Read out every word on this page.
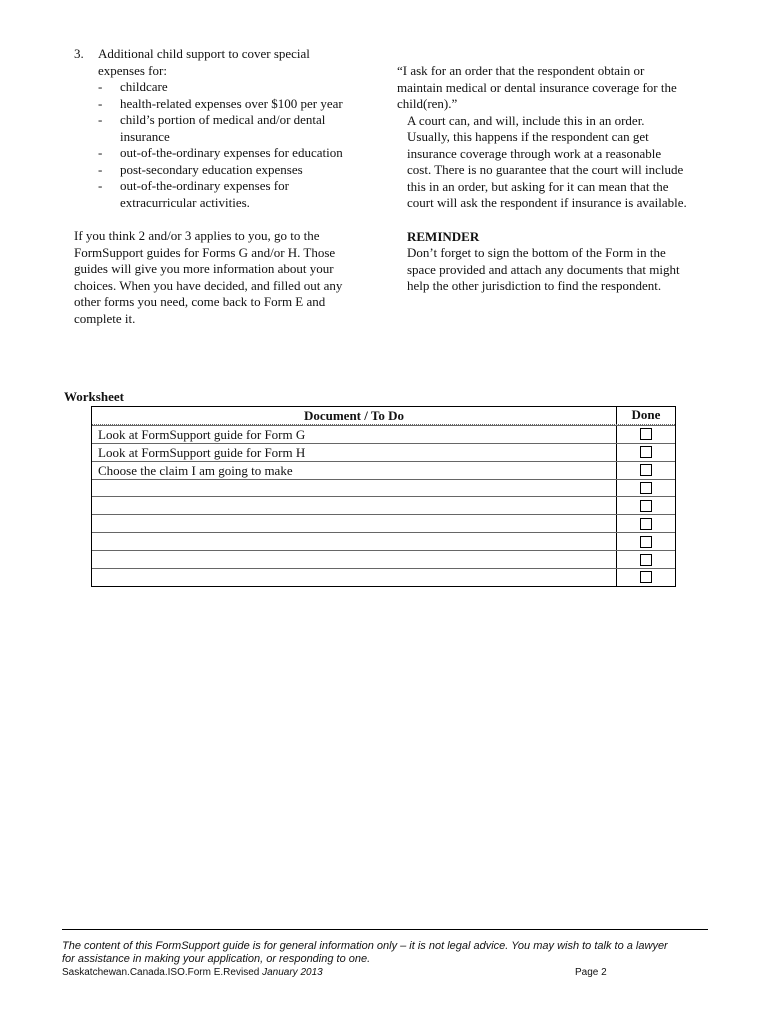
3. Additional child support to cover special
expenses for:
- childcare
- health-related expenses over $100 per year
- child’s portion of medical and/or dental
insurance
- out-of-the-ordinary expenses for education
- post-secondary education expenses
- out-of-the-ordinary expenses for
extracurricular activities.
If you think 2 and/or 3 applies to you, go to the
FormSupport guides for Forms G and/or H. Those
guides will give you more information about your
choices. When you have decided, and filled out any
other forms you need, come back to Form E and
complete it.
“I ask for an order that the respondent obtain or
maintain medical or dental insurance coverage for the
child(ren).”
A court can, and will, include this in an order.
Usually, this happens if the respondent can get
insurance coverage through work at a reasonable
cost. There is no guarantee that the court will include
this in an order, but asking for it can mean that the
court will ask the respondent if insurance is available.
REMINDER
Don’t forget to sign the bottom of the Form in the
space provided and attach any documents that might
help the other jurisdiction to find the respondent.
Worksheet
Document / To Do	Done
Look at FormSupport guide for Form G
Look at FormSupport guide for Form H
Choose the claim I am going to make
The content of this FormSupport guide is for general information only – it is not legal advice. You may wish to talk to a lawyer
for assistance in making your application, or responding to one.
Saskatchewan.Canada.ISO.Form E.Revised January 2013	Page 2
